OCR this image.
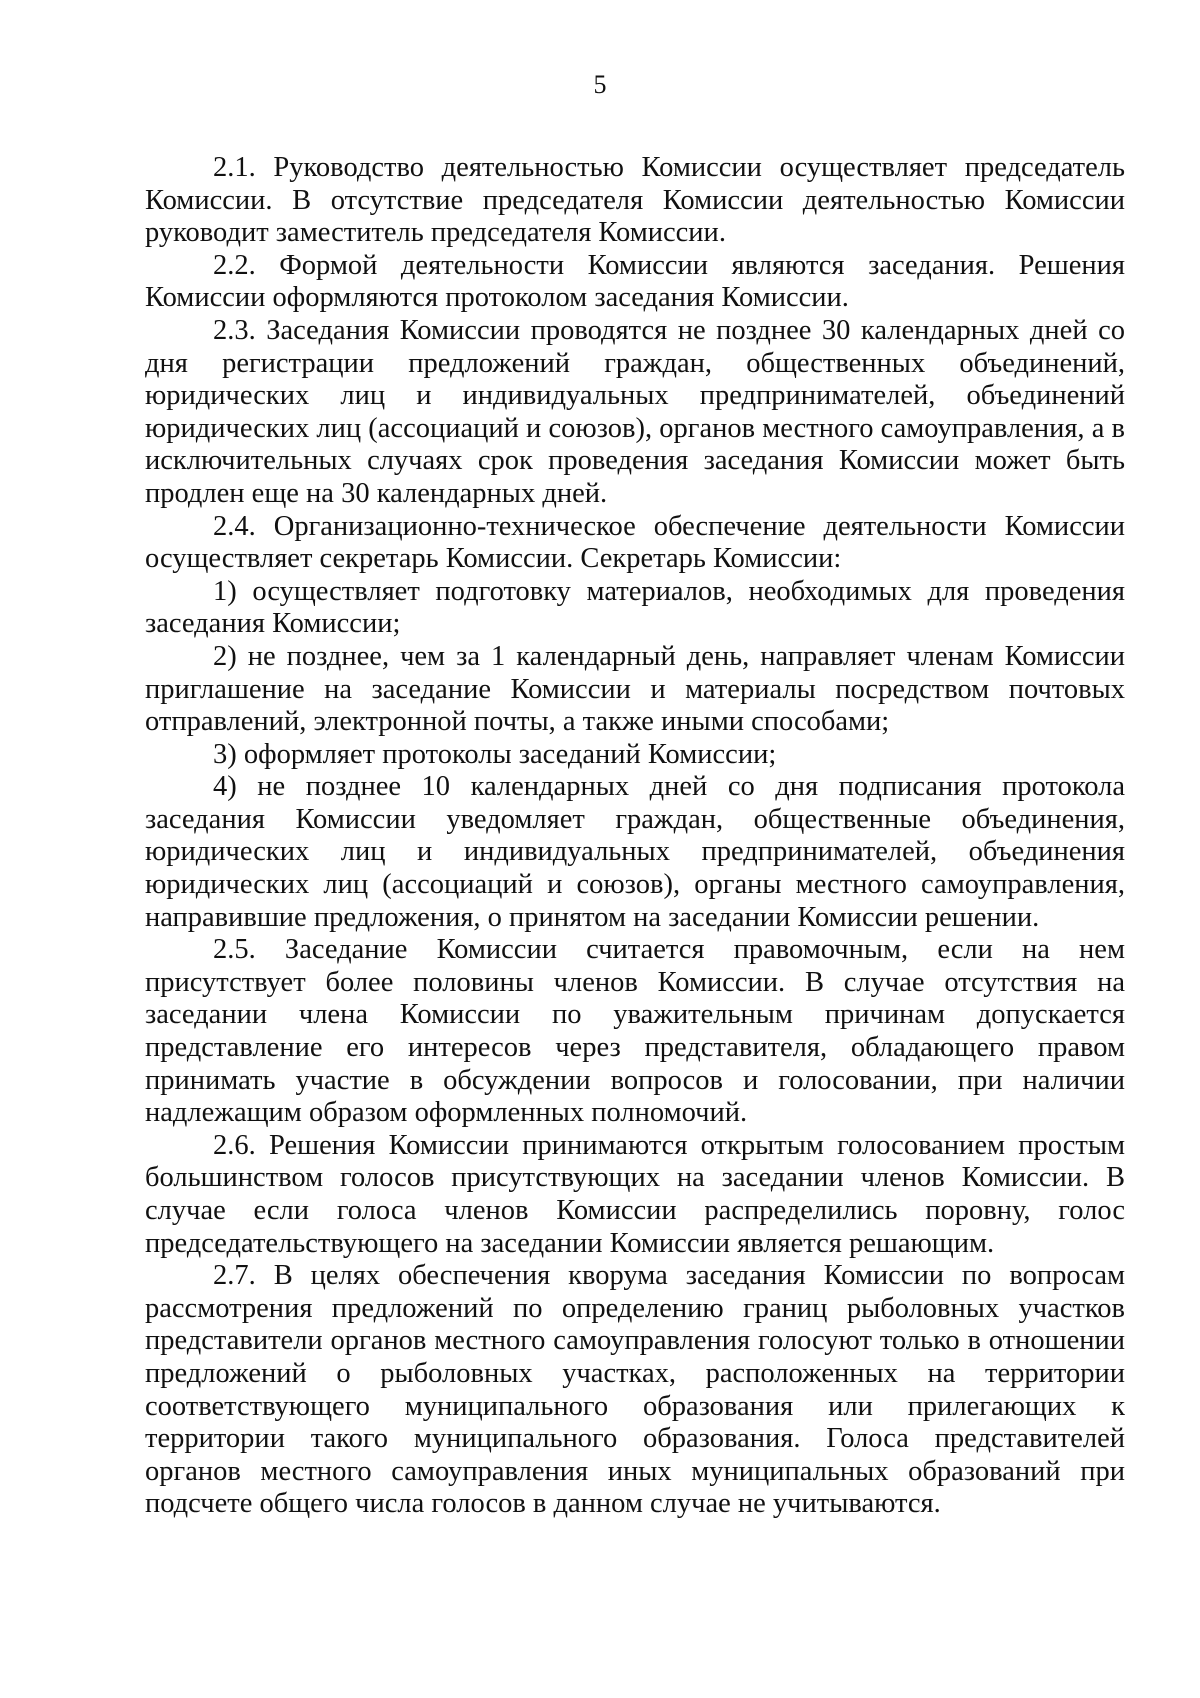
5

2.1. Руководство деятельностью Комиссии осуществляет председатель Комиссии. В отсутствие председателя Комиссии деятельностью Комиссии руководит заместитель председателя Комиссии.

2.2. Формой деятельности Комиссии являются заседания. Решения Комиссии оформляются протоколом заседания Комиссии.

2.3. Заседания Комиссии проводятся не позднее 30 календарных дней со дня регистрации предложений граждан, общественных объединений, юридических лиц и индивидуальных предпринимателей, объединений юридических лиц (ассоциаций и союзов), органов местного самоуправления, а в исключительных случаях срок проведения заседания Комиссии может быть продлен еще на 30 календарных дней.

2.4. Организационно-техническое обеспечение деятельности Комиссии осуществляет секретарь Комиссии. Секретарь Комиссии:

1) осуществляет подготовку материалов, необходимых для проведения заседания Комиссии;

2) не позднее, чем за 1 календарный день, направляет членам Комиссии приглашение на заседание Комиссии и материалы посредством почтовых отправлений, электронной почты, а также иными способами;

3) оформляет протоколы заседаний Комиссии;

4) не позднее 10 календарных дней со дня подписания протокола заседания Комиссии уведомляет граждан, общественные объединения, юридических лиц и индивидуальных предпринимателей, объединения юридических лиц (ассоциаций и союзов), органы местного самоуправления, направившие предложения, о принятом на заседании Комиссии решении.

2.5. Заседание Комиссии считается правомочным, если на нем присутствует более половины членов Комиссии. В случае отсутствия на заседании члена Комиссии по уважительным причинам допускается представление его интересов через представителя, обладающего правом принимать участие в обсуждении вопросов и голосовании, при наличии надлежащим образом оформленных полномочий.

2.6. Решения Комиссии принимаются открытым голосованием простым большинством голосов присутствующих на заседании членов Комиссии. В случае если голоса членов Комиссии распределились поровну, голос председательствующего на заседании Комиссии является решающим.

2.7. В целях обеспечения кворума заседания Комиссии по вопросам рассмотрения предложений по определению границ рыболовных участков представители органов местного самоуправления голосуют только в отношении предложений о рыболовных участках, расположенных на территории соответствующего муниципального образования или прилегающих к территории такого муниципального образования. Голоса представителей органов местного самоуправления иных муниципальных образований при подсчете общего числа голосов в данном случае не учитываются.
